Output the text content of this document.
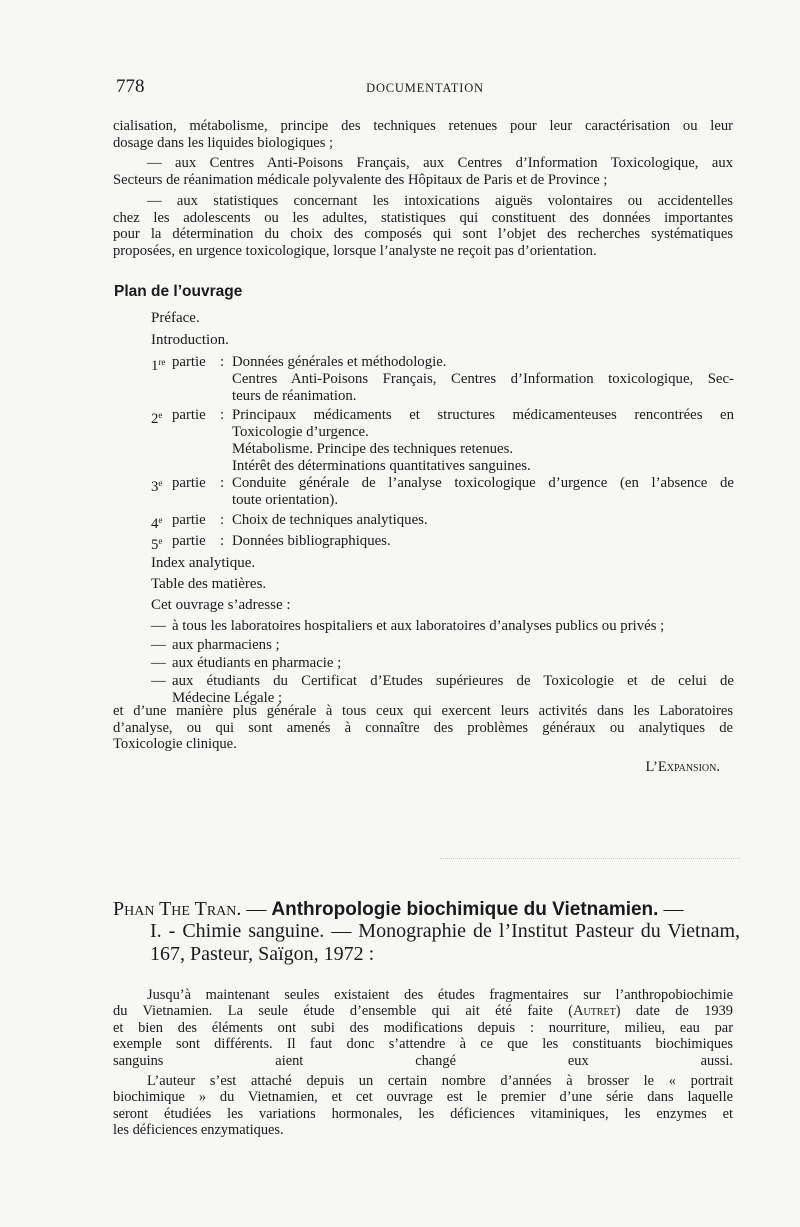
778	DOCUMENTATION
cialisation, métabolisme, principe des techniques retenues pour leur caractérisation ou leur
dosage dans les liquides biologiques ;
— aux Centres Anti-Poisons Français, aux Centres d’Information Toxicologique, aux
Secteurs de réanimation médicale polyvalente des Hôpitaux de Paris et de Province ;
— aux statistiques concernant les intoxications aiguës volontaires ou accidentelles
chez les adolescents ou les adultes, statistiques qui constituent des données importantes
pour la détermination du choix des composés qui sont l’objet des recherches systématiques
proposées, en urgence toxicologique, lorsque l’analyste ne reçoit pas d’orientation.
Plan de l’ouvrage
Préface.
Introduction.
1re partie : Données générales et méthodologie.
Centres Anti-Poisons Français, Centres d’Information toxicologique, Sec-
teurs de réanimation.
2e partie : Principaux médicaments et structures médicamenteuses rencontrées en
Toxicologie d’urgence.
Métabolisme. Principe des techniques retenues.
Intérêt des déterminations quantitatives sanguines.
3e partie : Conduite générale de l’analyse toxicologique d’urgence (en l’absence de
toute orientation).
4e partie : Choix de techniques analytiques.
5e partie : Données bibliographiques.
Index analytique.
Table des matières.
Cet ouvrage s’adresse :
— à tous les laboratoires hospitaliers et aux laboratoires d’analyses publics ou privés ;
— aux pharmaciens ;
— aux étudiants en pharmacie ;
— aux étudiants du Certificat d’Etudes supérieures de Toxicologie et de celui de
Médecine Légale ;
et d’une manière plus générale à tous ceux qui exercent leurs activités dans les Laboratoires
d’analyse, ou qui sont amenés à connaître des problèmes généraux ou analytiques de
Toxicologie clinique.
L’Expansion.
Phan The Tran. — Anthropologie biochimique du Vietnamien. —
I. - Chimie sanguine. — Monographie de l’Institut Pasteur du Vietnam,
167, Pasteur, Saïgon, 1972 :
Jusqu’à maintenant seules existaient des études fragmentaires sur l’anthropobiochimie
du Vietnamien. La seule étude d’ensemble qui ait été faite (Autret) date de 1939
et bien des éléments ont subi des modifications depuis : nourriture, milieu, eau par
exemple sont différents. Il faut donc s’attendre à ce que les constituants biochimiques
sanguins aient changé eux aussi.
L’auteur s’est attaché depuis un certain nombre d’années à brosser le « portrait
biochimique » du Vietnamien, et cet ouvrage est le premier d’une série dans laquelle
seront étudiées les variations hormonales, les déficiences vitaminiques, les enzymes et
les déficiences enzymatiques.
